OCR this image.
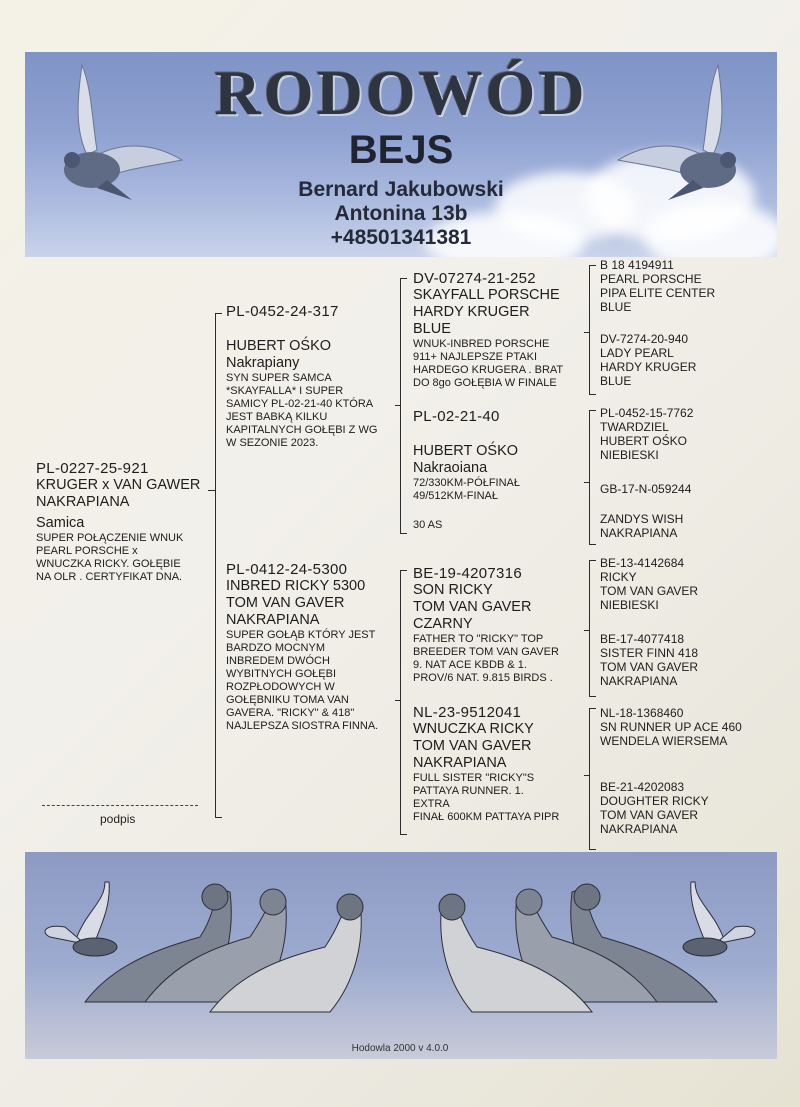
RODOWÓD
BEJS
Bernard Jakubowski
Antonina 13b
+48501341381
PL-0227-25-921
KRUGER x VAN GAWER
NAKRAPIANA
Samica
SUPER POŁĄCZENIE WNUK
PEARL PORSCHE x
WNUCZKA RICKY. GOŁĘBIE
NA OLR . CERTYFIKAT DNA.
podpis
PL-0452-24-317
HUBERT OŚKO
Nakrapiany
SYN SUPER SAMCA
*SKAYFALLA* I SUPER
SAMICY PL-02-21-40 KTÓRA
JEST BABKĄ KILKU
KAPITALNYCH GOŁĘBI Z WG
W SEZONIE 2023.
PL-0412-24-5300
INBRED RICKY 5300
TOM VAN GAVER
NAKRAPIANA
SUPER GOŁĄB KTÓRY JEST
BARDZO MOCNYM
INBREDEM DWÓCH
WYBITNYCH GOŁĘBI
ROZPŁODOWYCH W
GOŁĘBNIKU TOMA VAN
GAVERA. "RICKY" & 418"
NAJLEPSZA SIOSTRA FINNA.
DV-07274-21-252
SKAYFALL PORSCHE
HARDY KRUGER
BLUE
WNUK-INBRED PORSCHE
911+ NAJLEPSZE PTAKI
HARDEGO KRUGERA . BRAT
DO 8go GOŁĘBIA W FINALE
PL-02-21-40
HUBERT OŚKO
Nakraoiana
72/330KM-PÓŁFINAŁ
49/512KM-FINAŁ
30 AS
BE-19-4207316
SON RICKY
TOM VAN GAVER
CZARNY
FATHER TO "RICKY" TOP
BREEDER TOM VAN GAVER
9. NAT ACE KBDB & 1.
PROV/6 NAT. 9.815 BIRDS .
NL-23-9512041
WNUCZKA RICKY
TOM VAN GAVER
NAKRAPIANA
FULL SISTER "RICKY"S
PATTAYA RUNNER. 1.
EXTRA
FINAŁ 600KM PATTAYA PIPR
B 18 4194911
PEARL PORSCHE
PIPA ELITE CENTER
BLUE
DV-7274-20-940
LADY PEARL
HARDY KRUGER
BLUE
PL-0452-15-7762
TWARDZIEL
HUBERT OŚKO
NIEBIESKI
GB-17-N-059244
ZANDYS WISH
NAKRAPIANA
BE-13-4142684
RICKY
TOM VAN GAVER
NIEBIESKI
BE-17-4077418
SISTER FINN 418
TOM VAN GAVER
NAKRAPIANA
NL-18-1368460
SN RUNNER UP ACE 460
WENDELA WIERSEMA
BE-21-4202083
DOUGHTER RICKY
TOM VAN GAVER
NAKRAPIANA
Hodowla 2000 v 4.0.0
